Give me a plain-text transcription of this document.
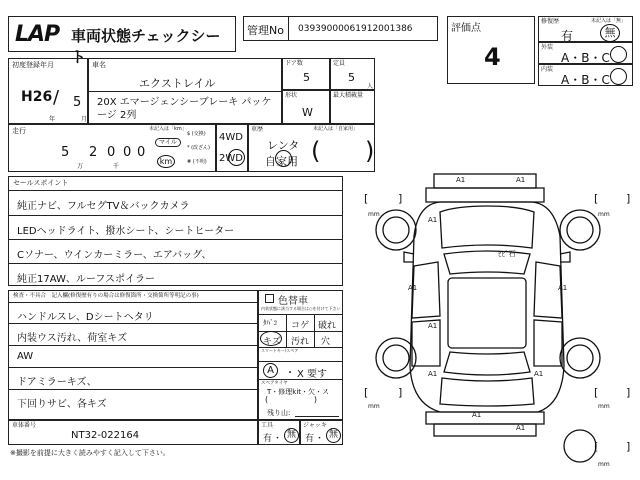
LAP 車両状態チェックシート
管理No 03939000061912001386	評価点
4
修復歴	未記入は「無」
有	無
外装
A・B・C
内装
A・B・C
初度登録年月
H26 / 5
年	月
車名
エクストレイル
20X エマージェンシーブレーキ パッケージ 2列
ドア数
5
定員
5
人
形状
W
最大積載量
走行	未記入は「km」
5 2 0 0 0
万	千
マイル
km
$ (交換)
* (改ざん)
# (不明)
4WD
2WD
車歴	未記入は「自家用」
レンタ
自家用 ( )
セールスポイント
純正ナビ、フルセグTV＆バックカメラ
LEDヘッドライト、撥水シート、シートヒーター
Cソナー、ウインカーミラー、エアバッグ、
純正17AW、ルーフスポイラー
検査・不具合　記入欄(修復歴有りの場合は修復箇所・交換箇所等明記の事)
ハンドルスレ、Dシートヘタリ
内装ウス汚れ、荷室キズ
AW
ドアミラーキズ、
下回りサビ、各キズ
色替車
内装状態に該当する場合は○を付けて下さい
ﾀﾊﾞｺ コゲ 破れ
キズ 汚れ 穴
スマートキー/スペア
A	・ X 要す
スペアタイヤ
T・修理kit・欠・ス
(                  )
残り山:
車体番号
NT32-022164
工具
有 ・ 無
ジャッキ
有 ・ 無
※撮影を前提に大きく読みやすく記入して下さい。
[	]	[	]
[	]	[	]
[	]
mm	mm
mm	mm
mm
A1	A1
A1
ﾋﾋﾞ石
A1	A1
A1
A1	A1
A1
A1
